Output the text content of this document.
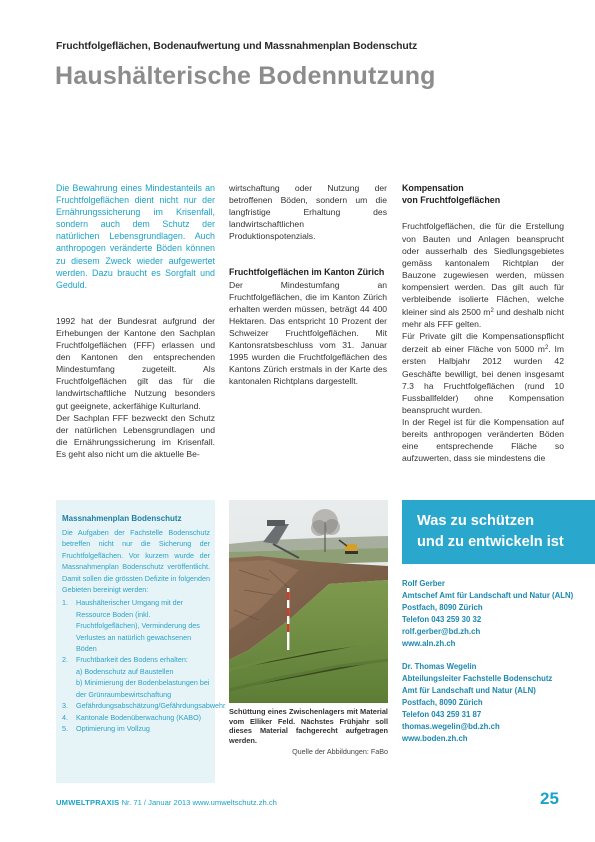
Fruchtfolgeflächen, Bodenaufwertung und Massnahmenplan Bodenschutz
Haushälterische Bodennutzung

Die Bewahrung eines Mindestanteils an Fruchtfolgeflächen dient nicht nur der Ernährungssicherung im Krisenfall, sondern auch dem Schutz der natürlichen Lebensgrundlagen. Auch anthropogen veränderte Böden können zu diesem Zweck wieder aufgewertet werden. Dazu braucht es Sorgfalt und Geduld.

1992 hat der Bundesrat aufgrund der Erhebungen der Kantone den Sachplan Fruchtfolgeflächen (FFF) erlassen und den Kantonen den entsprechenden Mindestumfang zugeteilt. Als Fruchtfolgeflächen gilt das für die landwirtschaftliche Nutzung besonders gut geeignete, ackerfähige Kulturland.

Der Sachplan FFF bezweckt den Schutz der natürlichen Lebensgrundlagen und die Ernährungssicherung im Krisenfall. Es geht also nicht um die aktuelle Be-

wirtschaftung oder Nutzung der betroffenen Böden, sondern um die langfristige Erhaltung des landwirtschaftlichen Produktionspotenzials.

Fruchtfolgeflächen im Kanton Zürich

Der Mindestumfang an Fruchtfolgeflächen, die im Kanton Zürich erhalten werden müssen, beträgt 44 400 Hektaren. Das entspricht 10 Prozent der Schweizer Fruchtfolgeflächen. Mit Kantonsratsbeschluss vom 31. Januar 1995 wurden die Fruchtfolgeflächen des Kantons Zürich erstmals in der Karte des kantonalen Richtplans dargestellt.

Kompensation
von Fruchtfolgeflächen

Fruchtfolgeflächen, die für die Erstellung von Bauten und Anlagen beansprucht oder ausserhalb des Siedlungsgebietes gemäss kantonalem Richtplan der Bauzone zugewiesen werden, müssen kompensiert werden. Das gilt auch für verbleibende isolierte Flächen, welche kleiner sind als 2500 $m^2$ und deshalb nicht mehr als FFF gelten.

Für Private gilt die Kompensationspflicht derzeit ab einer Fläche von 5000 $m^2$. Im ersten Halbjahr 2012 wurden 42 Geschäfte bewilligt, bei denen insgesamt 7.3 ha Fruchtfolgeflächen (rund 10 Fussballfelder) ohne Kompensation beansprucht wurden.

In der Regel ist für die Kompensation auf bereits anthropogen veränderten Böden eine entsprechende Fläche so aufzuwerten, dass sie mindestens die

Massnahmenplan Bodenschutz
Die Aufgaben der Fachstelle Bodenschutz betreffen nicht nur die Sicherung der Fruchtfolgeflächen. Vor kurzem wurde der Massnahmenplan Bodenschutz veröffentlicht. Damit sollen die grössten Defizite in folgenden Gebieten bereinigt werden:
1. Haushälterischer Umgang mit der Ressource Boden (inkl. Fruchtfolgeflächen), Verminderung des Verlustes an natürlich gewachsenen Böden
2. Fruchtbarkeit des Bodens erhalten:
a) Bodenschutz auf Baustellen
b) Minimierung der Bodenbelastungen bei der Grünraumbewirtschaftung
3. Gefährdungsabschätzung/Gefährdungsabwehr
4. Kantonale Bodenüberwachung (KABO)
5. Optimierung im Vollzug
Schüttung eines Zwischenlagers mit Material vom Elliker Feld. Nächstes Frühjahr soll dieses Material fachgerecht aufgetragen werden.
Quelle der Abbildungen: FaBo
Was zu schützen
und zu entwickeln ist
Rolf Gerber
Amtschef Amt für Landschaft und Natur (ALN)
Postfach, 8090 Zürich
Telefon 043 259 30 32
rolf.gerber@bd.zh.ch
www.aln.zh.ch
Dr. Thomas Wegelin
Abteilungsleiter Fachstelle Bodenschutz
Amt für Landschaft und Natur (ALN)
Postfach, 8090 Zürich
Telefon 043 259 31 87
thomas.wegelin@bd.zh.ch
www.boden.zh.ch
UMWELTPRAXIS Nr. 71 / Januar 2013 www.umweltschutz.zh.ch	25
